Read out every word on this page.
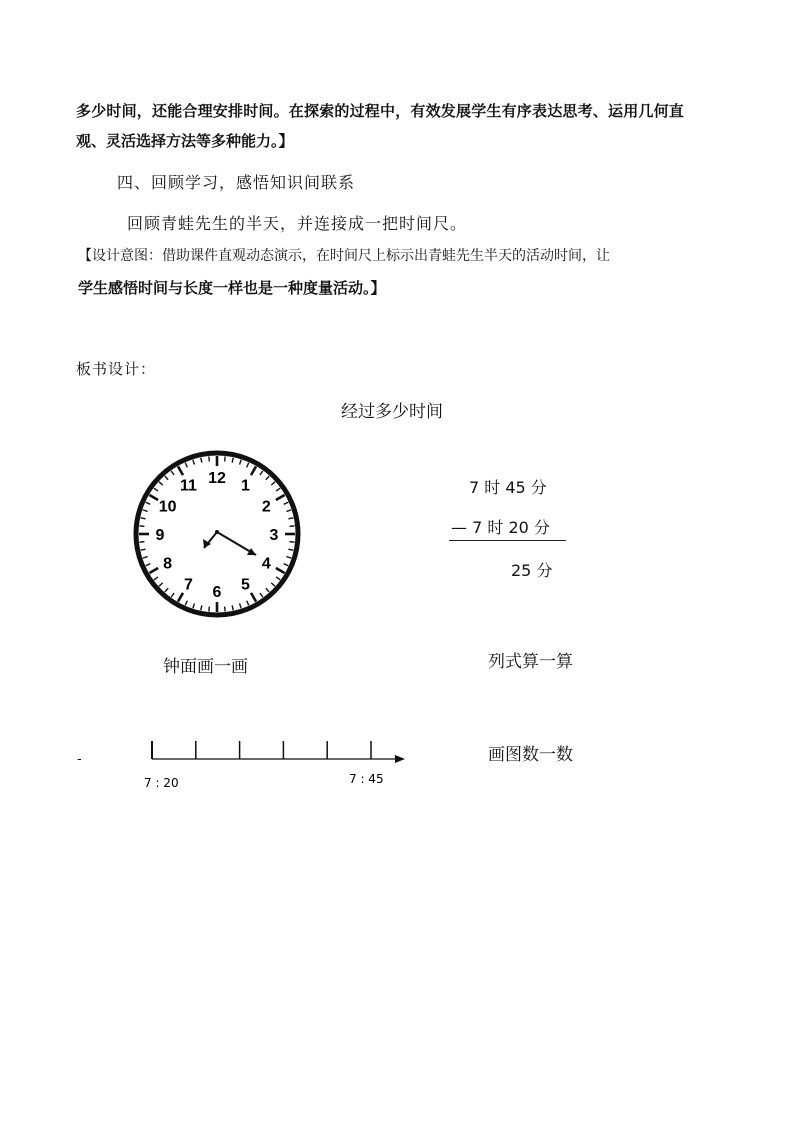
多少时间，还能合理安排时间。在探索的过程中，有效发展学生有序表达思考、运用几何直
观、灵活选择方法等多种能力。】
四、回顾学习，感悟知识间联系
回顾青蛙先生的半天，并连接成一把时间尺。
【设计意图：借助课件直观动态演示，在时间尺上标示出青蛙先生半天的活动时间，让
学生感悟时间与长度一样也是一种度量活动。】
板书设计：
经过多少时间
12 1
2
3
4
5
6
7
8
9
10
11	7 时 45 分
— 7 时 20 分
25 分
钟面画一画	列式算一算
-
7 : 20	7 : 45
画图数一数
